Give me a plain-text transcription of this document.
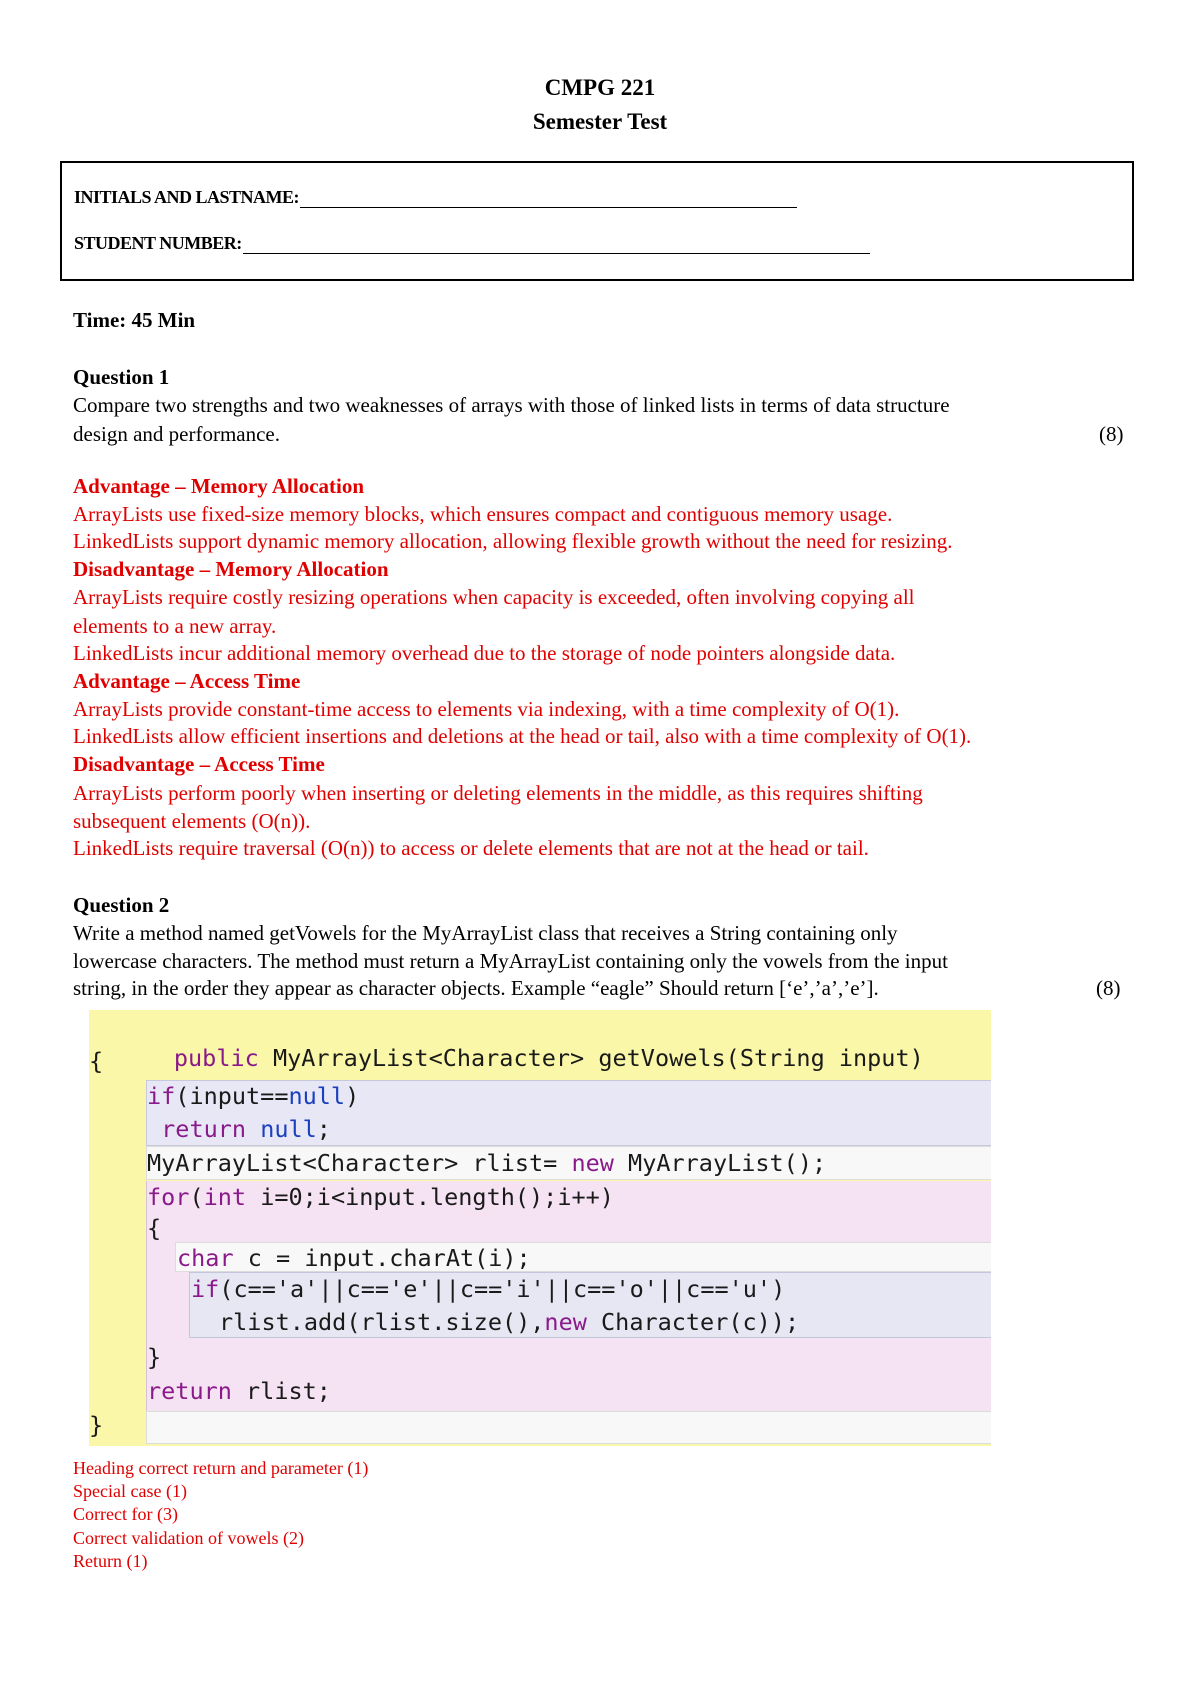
CMPG 221
Semester Test
INITIALS AND LASTNAME:
STUDENT NUMBER:
Time: 45 Min
Question 1
Compare two strengths and two weaknesses of arrays with those of linked lists in terms of data structure
design and performance.	(8)
Advantage – Memory Allocation
ArrayLists use fixed-size memory blocks, which ensures compact and contiguous memory usage.
LinkedLists support dynamic memory allocation, allowing flexible growth without the need for resizing.
Disadvantage – Memory Allocation
ArrayLists require costly resizing operations when capacity is exceeded, often involving copying all
elements to a new array.
LinkedLists incur additional memory overhead due to the storage of node pointers alongside data.
Advantage – Access Time
ArrayLists provide constant-time access to elements via indexing, with a time complexity of O(1).
LinkedLists allow efficient insertions and deletions at the head or tail, also with a time complexity of O(1).
Disadvantage – Access Time
ArrayLists perform poorly when inserting or deleting elements in the middle, as this requires shifting
subsequent elements (O(n)).
LinkedLists require traversal (O(n)) to access or delete elements that are not at the head or tail.
Question 2
Write a method named getVowels for the MyArrayList class that receives a String containing only
lowercase characters. The method must return a MyArrayList containing only the vowels from the input
string, in the order they appear as character objects. Example “eagle” Should return [‘e’,’a’,’e’].	(8)

public MyArrayList<Character> getVowels(String input)

{
if(input==null)
return null;
MyArrayList<Character> rlist= new MyArrayList();
for(int i=0;i<input.length();i++)
{
char c = input.charAt(i);
if(c=='a'||c=='e'||c=='i'||c=='o'||c=='u')
rlist.add(rlist.size(),new Character(c));
}
return rlist;
}
Heading correct return and parameter (1)
Special case (1)
Correct for (3)
Correct validation of vowels (2)
Return (1)
